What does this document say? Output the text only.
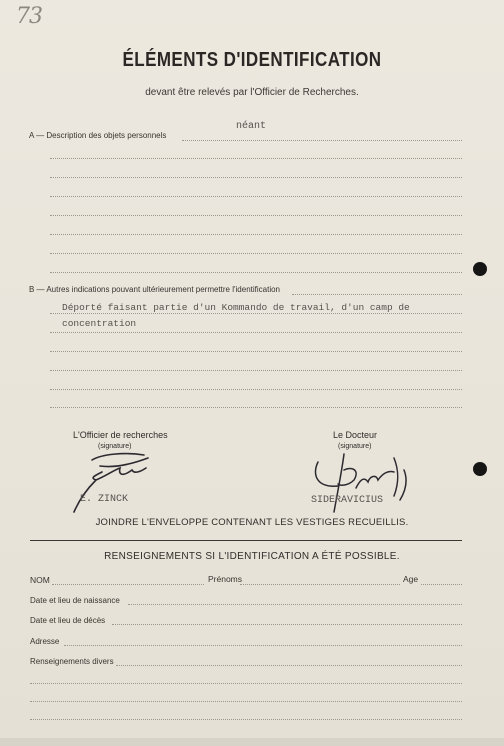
73
ÉLÉMENTS D'IDENTIFICATION
devant être relevés par l'Officier de Recherches.
A — Description des objets personnels
néant
B — Autres indications pouvant ultérieurement permettre l'identification
Déporté faisant partie d'un Kommando de travail, d'un camp de
concentration
L'Officier de recherches
(signature)
E. ZINCK
Le Docteur
(signature)
SIDERAVICIUS
JOINDRE L'ENVELOPPE CONTENANT LES VESTIGES RECUEILLIS.
RENSEIGNEMENTS SI L'IDENTIFICATION A ÉTÉ POSSIBLE.
NOM	Prénoms	Age
Date et lieu de naissance
Date et lieu de décès
Adresse
Renseignements divers
